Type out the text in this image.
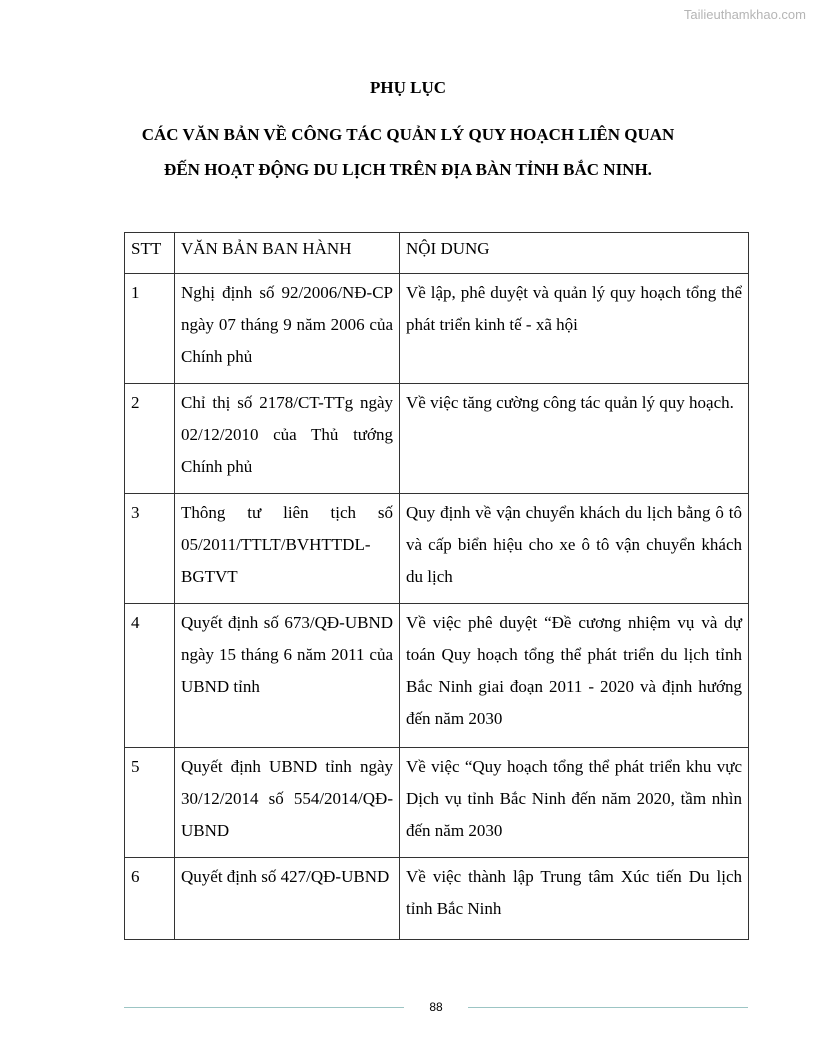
Tailieuthamkhao.com
PHỤ LỤC
CÁC VĂN BẢN VỀ CÔNG TÁC QUẢN LÝ QUY HOẠCH LIÊN QUAN
ĐẾN HOẠT ĐỘNG DU LỊCH TRÊN ĐỊA BÀN TỈNH BẮC NINH.
STT	VĂN BẢN BAN HÀNH	NỘI DUNG
1	Nghị định số 92/2006/NĐ-CP ngày 07 tháng 9 năm 2006 của Chính phủ	Về lập, phê duyệt và quản lý quy hoạch tổng thể phát triển kinh tế - xã hội
2	Chỉ thị số 2178/CT-TTg ngày 02/12/2010 của Thủ tướng Chính phủ	Về việc tăng cường công tác quản lý quy hoạch.
3	Thông tư liên tịch số 05/2011/TTLT/BVHTTDL-BGTVT	Quy định về vận chuyển khách du lịch bằng ô tô và cấp biển hiệu cho xe ô tô vận chuyển khách du lịch
4	Quyết định số 673/QĐ-UBND ngày 15 tháng 6 năm 2011 của UBND tỉnh	Về việc phê duyệt “Đề cương nhiệm vụ và dự toán Quy hoạch tổng thể phát triển du lịch tỉnh Bắc Ninh giai đoạn 2011 - 2020 và định hướng đến năm 2030
5	Quyết định UBND tỉnh ngày 30/12/2014 số 554/2014/QĐ-UBND	Về việc “Quy hoạch tổng thể phát triển khu vực Dịch vụ tỉnh Bắc Ninh đến năm 2020, tầm nhìn đến năm 2030
6	Quyết định số 427/QĐ-UBND	Về việc thành lập Trung tâm Xúc tiến Du lịch tỉnh Bắc Ninh
88
